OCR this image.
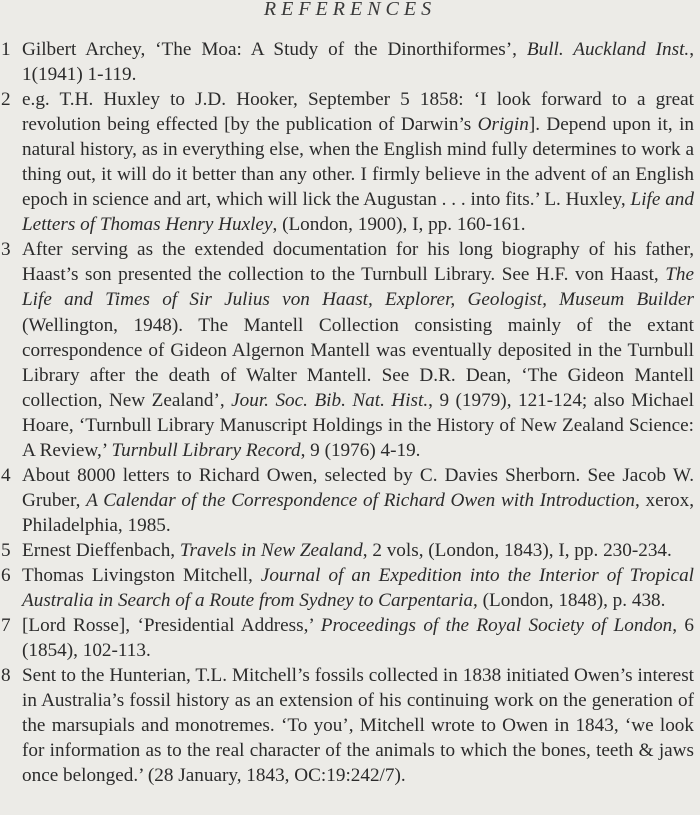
REFERENCES
1 Gilbert Archey, ‘The Moa: A Study of the Dinorthiformes’, Bull. Auckland Inst., 1(1941) 1-119.
2 e.g. T.H. Huxley to J.D. Hooker, September 5 1858: ‘I look forward to a great revolution being effected [by the publication of Darwin’s Origin]. Depend upon it, in natural history, as in everything else, when the English mind fully determines to work a thing out, it will do it better than any other. I firmly believe in the advent of an English epoch in science and art, which will lick the Augustan . . . into fits.’ L. Huxley, Life and Letters of Thomas Henry Huxley, (London, 1900), I, pp. 160-161.
3 After serving as the extended documentation for his long biography of his father, Haast’s son presented the collection to the Turnbull Library. See H.F. von Haast, The Life and Times of Sir Julius von Haast, Explorer, Geologist, Museum Builder (Wellington, 1948). The Mantell Collection consisting mainly of the extant correspondence of Gideon Algernon Mantell was eventually deposited in the Turnbull Library after the death of Walter Mantell. See D.R. Dean, ‘The Gideon Mantell collection, New Zealand’, Jour. Soc. Bib. Nat. Hist., 9 (1979), 121-124; also Michael Hoare, ‘Turnbull Library Manuscript Holdings in the History of New Zealand Science: A Review,’ Turnbull Library Record, 9 (1976) 4-19.
4 About 8000 letters to Richard Owen, selected by C. Davies Sherborn. See Jacob W. Gruber, A Calendar of the Correspondence of Richard Owen with Introduction, xerox, Philadelphia, 1985.
5 Ernest Dieffenbach, Travels in New Zealand, 2 vols, (London, 1843), I, pp. 230-234.
6 Thomas Livingston Mitchell, Journal of an Expedition into the Interior of Tropical Australia in Search of a Route from Sydney to Carpentaria, (London, 1848), p. 438.
7 [Lord Rosse], ‘Presidential Address,’ Proceedings of the Royal Society of London, 6 (1854), 102-113.
8 Sent to the Hunterian, T.L. Mitchell’s fossils collected in 1838 initiated Owen’s interest in Australia’s fossil history as an extension of his continuing work on the generation of the marsupials and monotremes. ‘To you’, Mitchell wrote to Owen in 1843, ‘we look for information as to the real character of the animals to which the bones, teeth & jaws once belonged.’ (28 January, 1843, OC:19:242/7).
